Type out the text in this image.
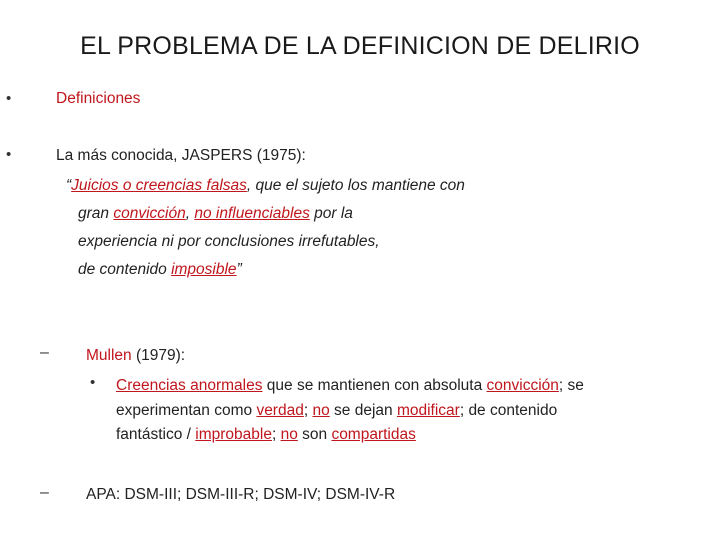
EL PROBLEMA DE LA DEFINICION DE DELIRIO
•	Definiciones
•	La más conocida, JASPERS (1975):
“Juicios o creencias falsas, que el sujeto los mantiene con
gran convicción, no influenciables por la
experiencia ni por conclusiones irrefutables,
de contenido imposible”
– Mullen (1979):
• Creencias anormales que se mantienen con absoluta convicción; se
experimentan como verdad; no se dejan modificar; de contenido
fantástico / improbable; no son compartidas
– APA: DSM-III; DSM-III-R; DSM-IV; DSM-IV-R
